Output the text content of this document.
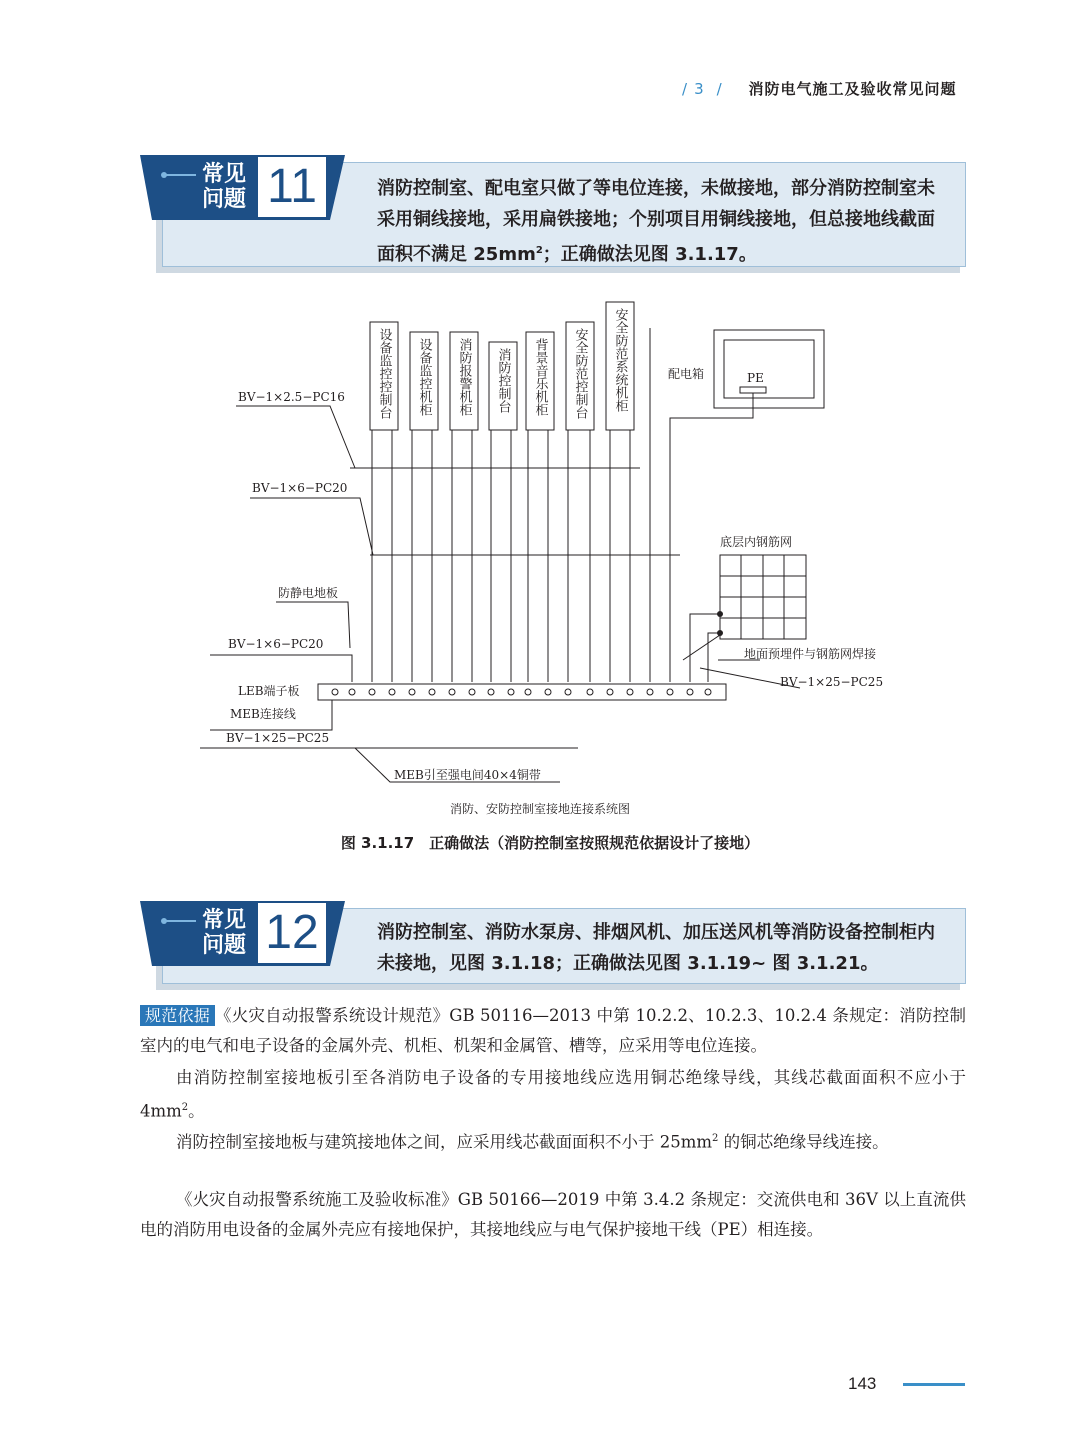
/ 3 / 消防电气施工及验收常见问题
消防控制室、配电室只做了等电位连接，未做接地，部分消防控制室未采用铜线接地，采用扁铁接地；个别项目用铜线接地，但总接地线截面面积不满足 $25mm^2$；正确做法见图 3.1.17。
常见
问题 11
设备监控控制台 设备监控机柜 消防报警机柜 消防控制台 背景音乐机柜 安全防范控制台 安全防范系统机柜	配电箱	PE
BV−1×2.5−PC16
BV−1×6−PC20
防静电地板
BV−1×6−PC20
LEB端子板
MEB连接线
BV−1×25−PC25
MEB引至强电间40×4铜带
底层内钢筋网
地面预埋件与钢筋网焊接
BV−1×25−PC25
消防、安防控制室接地连接系统图
图 3.1.17　正确做法（消防控制室按照规范依据设计了接地）
消防控制室、消防水泵房、排烟风机、加压送风机等消防设备控制柜内未接地，见图 3.1.18；正确做法见图 3.1.19~ 图 3.1.21。
常见
问题 12
规范依据 《火灾自动报警系统设计规范》GB 50116—2013 中第 10.2.2、10.2.3、10.2.4 条规定：消防控制室内的电气和电子设备的金属外壳、机柜、机架和金属管、槽等，应采用等电位连接。
由消防控制室接地板引至各消防电子设备的专用接地线应选用铜芯绝缘导线，其线芯截面面积不应小于 $4mm^2$。
消防控制室接地板与建筑接地体之间，应采用线芯截面面积不小于 $25mm^2$ 的铜芯绝缘导线连接。
《火灾自动报警系统施工及验收标准》GB 50166—2019 中第 3.4.2 条规定：交流供电和 36V 以上直流供电的消防用电设备的金属外壳应有接地保护，其接地线应与电气保护接地干线（PE）相连接。
143
